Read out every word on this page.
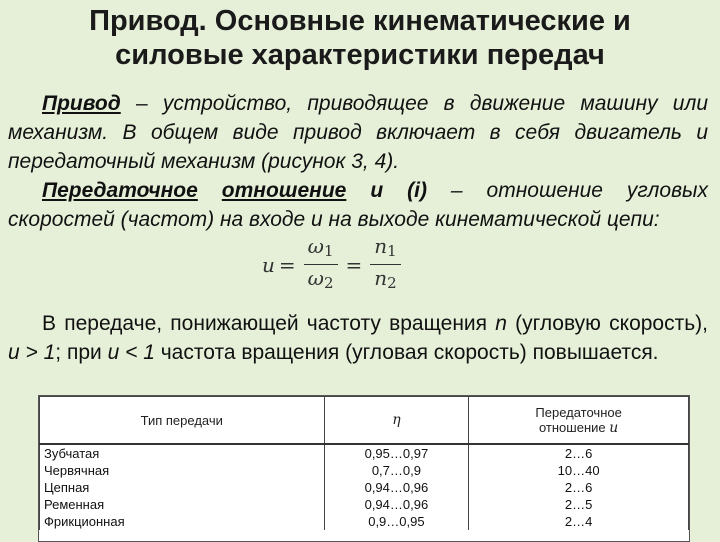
Привод. Основные кинематические и
силовые характеристики передач
Привод – устройство, приводящее в движение машину или механизм. В общем виде привод включает в себя двигатель и передаточный механизм (рисунок 3, 4).
Передаточное отношение u (i) – отношение угловых скоростей (частот) на входе и на выходе кинематической цепи:
$u = \frac{\omega_1}{\omega_2} = \frac{n_1}{n_2}$
В передаче, понижающей частоту вращения n (угловую скорость), u > 1; при u < 1 частота вращения (угловая скорость) повышается.
Тип передачи	η	Передаточное
отношение u

Зубчатая	0,95…0,97	2…6
Червячная	0,7…0,9	10…40
Цепная	0,94…0,96	2…6
Ременная	0,94…0,96	2…5
Фрикционная	0,9…0,95	2…4
